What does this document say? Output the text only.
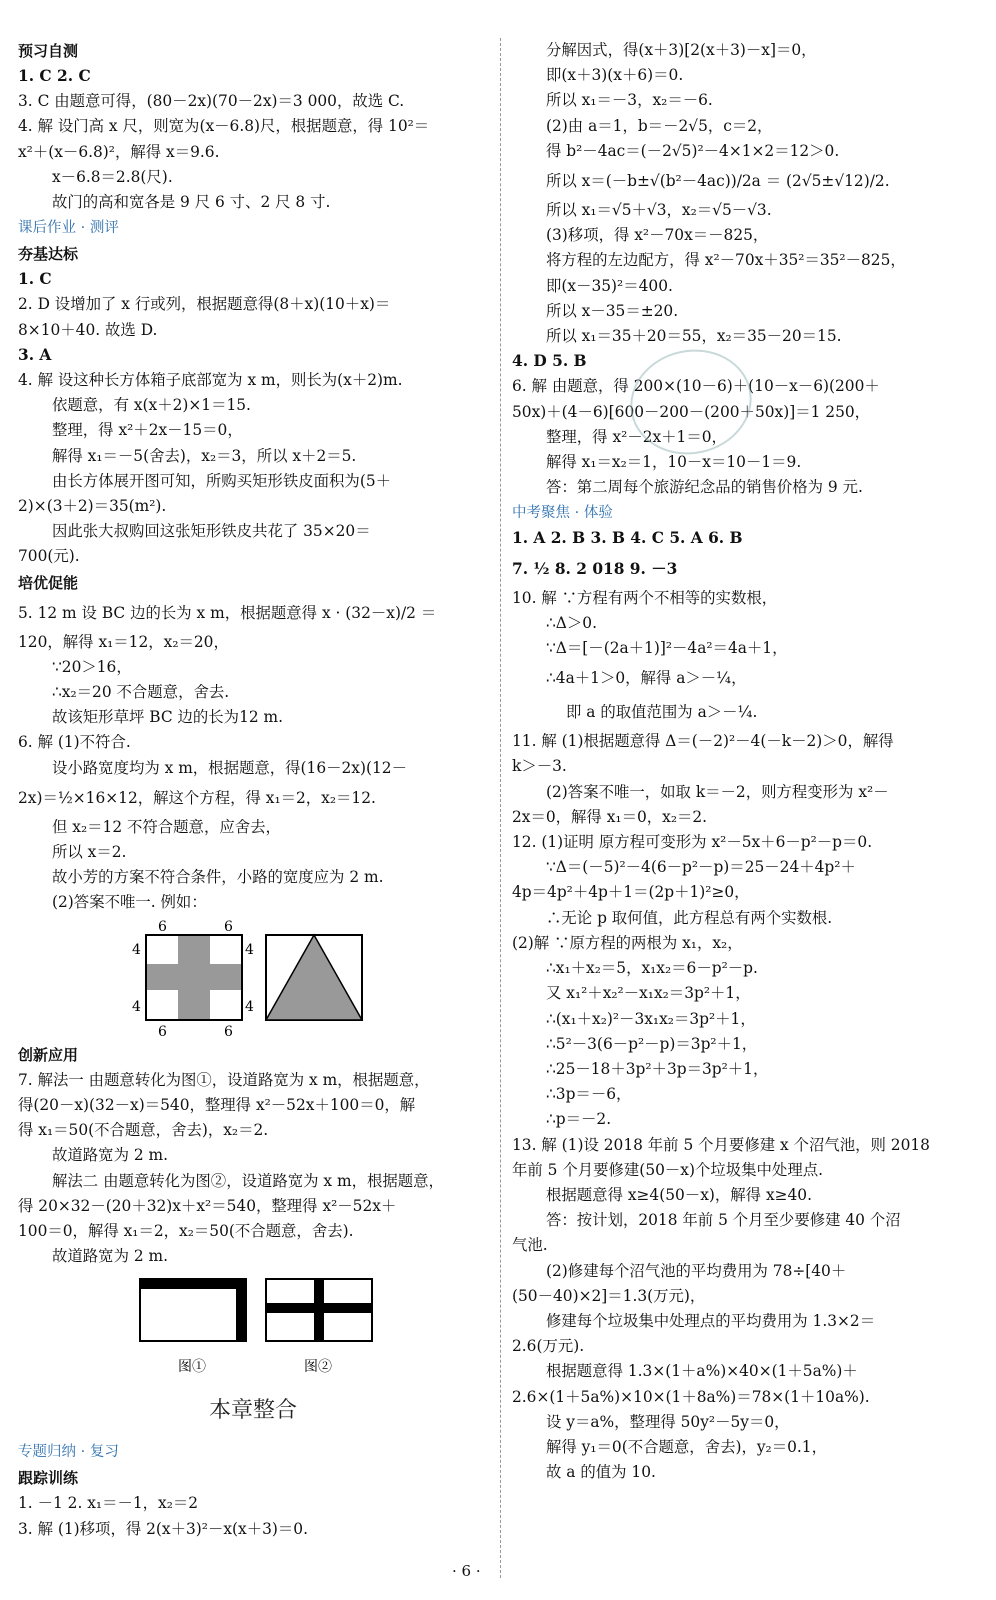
预习自测
1. C 2. C
3. C 由题意可得，(80－2x)(70－2x)＝3 000，故选 C.
4. 解 设门高 x 尺，则宽为(x－6.8)尺，根据题意，得 10²＝
x²＋(x－6.8)²，解得 x＝9.6.
x－6.8＝2.8(尺).
故门的高和宽各是 9 尺 6 寸、2 尺 8 寸.
课后作业 · 测评
夯基达标
1. C
2. D 设增加了 x 行或列，根据题意得(8＋x)(10＋x)＝
8×10＋40. 故选 D.
3. A
4. 解 设这种长方体箱子底部宽为 x m，则长为(x＋2)m.
依题意，有 x(x＋2)×1＝15.
整理，得 x²＋2x－15＝0，
解得 x₁＝－5(舍去)，x₂＝3，所以 x＋2＝5.
由长方体展开图可知，所购买矩形铁皮面积为(5＋
2)×(3＋2)＝35(m²).
因此张大叔购回这张矩形铁皮共花了 35×20＝
700(元).
培优促能
5. 12 m 设 BC 边的长为 x m，根据题意得 x · (32－x)/2 ＝
120，解得 x₁＝12，x₂＝20，
∵20＞16，
∴x₂＝20 不合题意，舍去.
故该矩形草坪 BC 边的长为12 m.
6. 解 (1)不符合.
设小路宽度均为 x m，根据题意，得(16－2x)(12－
2x)＝½×16×12，解这个方程，得 x₁＝2，x₂＝12.
但 x₂＝12 不符合题意，应舍去，
所以 x＝2.
故小芳的方案不符合条件，小路的宽度应为 2 m.
(2)答案不唯一. 例如：
6	6
6	6
4
4
4
4
创新应用
7. 解法一 由题意转化为图①，设道路宽为 x m，根据题意，
得(20－x)(32－x)＝540，整理得 x²－52x＋100＝0，解
得 x₁＝50(不合题意，舍去)，x₂＝2.
故道路宽为 2 m.
解法二 由题意转化为图②，设道路宽为 x m，根据题意，
得 20×32－(20＋32)x＋x²＝540，整理得 x²－52x＋
100＝0，解得 x₁＝2，x₂＝50(不合题意，舍去).
故道路宽为 2 m.
图①	图②
本章整合
专题归纳 · 复习
跟踪训练
1. －1 2. x₁＝－1，x₂＝2
3. 解 (1)移项，得 2(x＋3)²－x(x＋3)＝0.
分解因式，得(x＋3)[2(x＋3)－x]＝0，
即(x＋3)(x＋6)＝0.
所以 x₁＝－3，x₂＝－6.
(2)由 a＝1，b＝－2√5，c＝2，
得 b²－4ac＝(－2√5)²－4×1×2＝12＞0.
所以 x＝(－b±√(b²－4ac))/2a ＝ (2√5±√12)/2.
所以 x₁＝√5＋√3，x₂＝√5－√3.
(3)移项，得 x²－70x＝－825，
将方程的左边配方，得 x²－70x＋35²＝35²－825，
即(x－35)²＝400.
所以 x－35＝±20.
所以 x₁＝35＋20＝55，x₂＝35－20＝15.
4. D 5. B
6. 解 由题意，得 200×(10－6)＋(10－x－6)(200＋
50x)＋(4－6)[600－200－(200＋50x)]＝1 250，
整理，得 x²－2x＋1＝0，
解得 x₁＝x₂＝1，10－x＝10－1＝9.
答：第二周每个旅游纪念品的销售价格为 9 元.
中考聚焦 · 体验
1. A 2. B 3. B 4. C 5. A 6. B
7. ½ 8. 2 018 9. －3
10. 解 ∵方程有两个不相等的实数根，
∴Δ＞0.
∵Δ＝[－(2a＋1)]²－4a²＝4a＋1，
∴4a＋1＞0，解得 a＞－¼，
即 a 的取值范围为 a＞－¼.
11. 解 (1)根据题意得 Δ＝(－2)²－4(－k－2)＞0，解得
k＞－3.
(2)答案不唯一，如取 k＝－2，则方程变形为 x²－
2x＝0，解得 x₁＝0，x₂＝2.
12. (1)证明 原方程可变形为 x²－5x＋6－p²－p＝0.
∵Δ＝(－5)²－4(6－p²－p)＝25－24＋4p²＋
4p＝4p²＋4p＋1＝(2p＋1)²≥0，
∴无论 p 取何值，此方程总有两个实数根.
(2)解 ∵原方程的两根为 x₁，x₂，
∴x₁＋x₂＝5，x₁x₂＝6－p²－p.
又 x₁²＋x₂²－x₁x₂＝3p²＋1，
∴(x₁＋x₂)²－3x₁x₂＝3p²＋1，
∴5²－3(6－p²－p)＝3p²＋1，
∴25－18＋3p²＋3p＝3p²＋1，
∴3p＝－6，
∴p＝－2.
13. 解 (1)设 2018 年前 5 个月要修建 x 个沼气池，则 2018
年前 5 个月要修建(50－x)个垃圾集中处理点.
根据题意得 x≥4(50－x)，解得 x≥40.
答：按计划，2018 年前 5 个月至少要修建 40 个沼
气池.
(2)修建每个沼气池的平均费用为 78÷[40＋
(50－40)×2]＝1.3(万元)，
修建每个垃圾集中处理点的平均费用为 1.3×2＝
2.6(万元).
根据题意得 1.3×(1＋a%)×40×(1＋5a%)＋
2.6×(1＋5a%)×10×(1＋8a%)＝78×(1＋10a%).
设 y＝a%，整理得 50y²－5y＝0，
解得 y₁＝0(不合题意，舍去)，y₂＝0.1，
故 a 的值为 10.
· 6 ·
